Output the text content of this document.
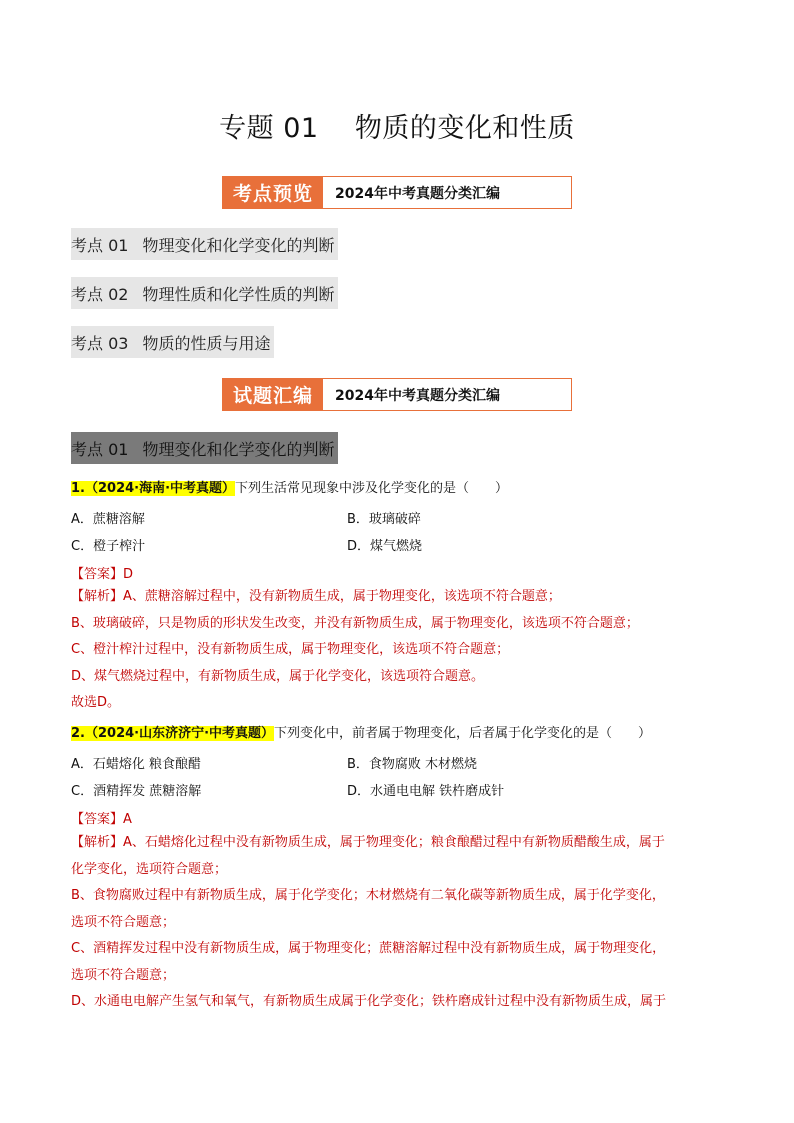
专题 01    物质的变化和性质
考点预览	2024年中考真题分类汇编
考点 01 物理变化和化学变化的判断
考点 02 物理性质和化学性质的判断
考点 03 物质的性质与用途
试题汇编	2024年中考真题分类汇编
考点 01 物理变化和化学变化的判断
1.（2024·海南·中考真题）下列生活常见现象中涉及化学变化的是（　　）
A．蔗糖溶解	B．玻璃破碎
C．橙子榨汁	D．煤气燃烧
【答案】D
【解析】A、蔗糖溶解过程中，没有新物质生成，属于物理变化，该选项不符合题意；
B、玻璃破碎，只是物质的形状发生改变，并没有新物质生成，属于物理变化，该选项不符合题意；
C、橙汁榨汁过程中，没有新物质生成，属于物理变化，该选项不符合题意；
D、煤气燃烧过程中，有新物质生成，属于化学变化，该选项符合题意。
故选D。
2.（2024·山东济济宁·中考真题）下列变化中，前者属于物理变化，后者属于化学变化的是（　　）
A．石蜡熔化 粮食酿醋	B．食物腐败 木材燃烧
C．酒精挥发 蔗糖溶解	D．水通电电解 铁杵磨成针
【答案】A
【解析】A、石蜡熔化过程中没有新物质生成，属于物理变化；粮食酿醋过程中有新物质醋酸生成，属于
化学变化，选项符合题意；
B、食物腐败过程中有新物质生成，属于化学变化；木材燃烧有二氧化碳等新物质生成，属于化学变化，
选项不符合题意；
C、酒精挥发过程中没有新物质生成，属于物理变化；蔗糖溶解过程中没有新物质生成，属于物理变化，
选项不符合题意；
D、水通电电解产生氢气和氧气，有新物质生成属于化学变化；铁杵磨成针过程中没有新物质生成，属于
